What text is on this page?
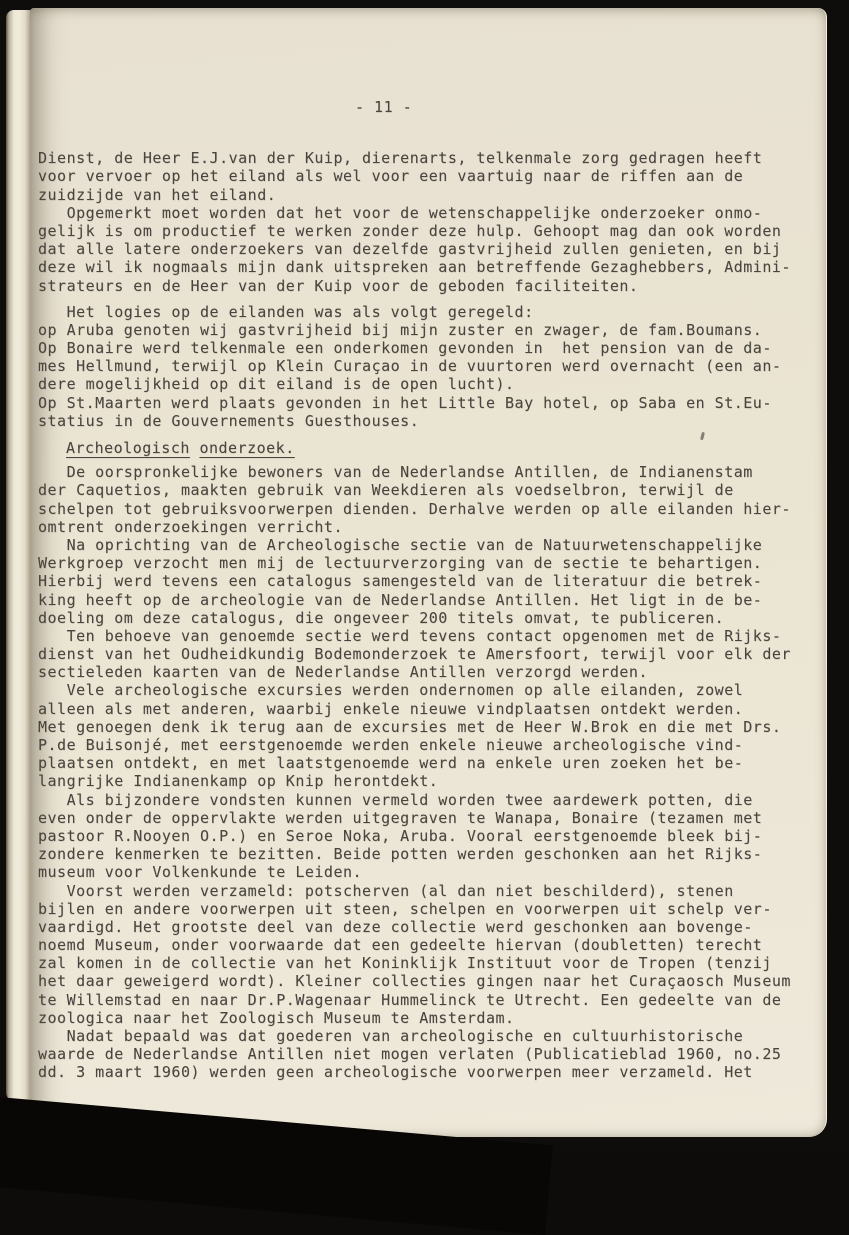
- 11 -
Dienst, de Heer E.J.van der Kuip, dierenarts, telkenmale zorg gedragen heeft
voor vervoer op het eiland als wel voor een vaartuig naar de riffen aan de
zuidzijde van het eiland.
Opgemerkt moet worden dat het voor de wetenschappelijke onderzoeker onmo-
gelijk is om productief te werken zonder deze hulp. Gehoopt mag dan ook worden
dat alle latere onderzoekers van dezelfde gastvrijheid zullen genieten, en bij
deze wil ik nogmaals mijn dank uitspreken aan betreffende Gezaghebbers, Admini-
strateurs en de Heer van der Kuip voor de geboden faciliteiten.
Het logies op de eilanden was als volgt geregeld:
op Aruba genoten wij gastvrijheid bij mijn zuster en zwager, de fam.Boumans.
Op Bonaire werd telkenmale een onderkomen gevonden in  het pension van de da-
mes Hellmund, terwijl op Klein Curaçao in de vuurtoren werd overnacht (een an-
dere mogelijkheid op dit eiland is de open lucht).
Op St.Maarten werd plaats gevonden in het Little Bay hotel, op Saba en St.Eu-
statius in de Gouvernements Guesthouses.
Archeologisch onderzoek.
De oorspronkelijke bewoners van de Nederlandse Antillen, de Indianenstam
der Caquetios, maakten gebruik van Weekdieren als voedselbron, terwijl de
schelpen tot gebruiksvoorwerpen dienden. Derhalve werden op alle eilanden hier-
omtrent onderzoekingen verricht.
Na oprichting van de Archeologische sectie van de Natuurwetenschappelijke
Werkgroep verzocht men mij de lectuurverzorging van de sectie te behartigen.
Hierbij werd tevens een catalogus samengesteld van de literatuur die betrek-
king heeft op de archeologie van de Nederlandse Antillen. Het ligt in de be-
doeling om deze catalogus, die ongeveer 200 titels omvat, te publiceren.
Ten behoeve van genoemde sectie werd tevens contact opgenomen met de Rijks-
dienst van het Oudheidkundig Bodemonderzoek te Amersfoort, terwijl voor elk der
sectieleden kaarten van de Nederlandse Antillen verzorgd werden.
Vele archeologische excursies werden ondernomen op alle eilanden, zowel
alleen als met anderen, waarbij enkele nieuwe vindplaatsen ontdekt werden.
Met genoegen denk ik terug aan de excursies met de Heer W.Brok en die met Drs.
P.de Buisonjé, met eerstgenoemde werden enkele nieuwe archeologische vind-
plaatsen ontdekt, en met laatstgenoemde werd na enkele uren zoeken het be-
langrijke Indianenkamp op Knip herontdekt.
Als bijzondere vondsten kunnen vermeld worden twee aardewerk potten, die
even onder de oppervlakte werden uitgegraven te Wanapa, Bonaire (tezamen met
pastoor R.Nooyen O.P.) en Seroe Noka, Aruba. Vooral eerstgenoemde bleek bij-
zondere kenmerken te bezitten. Beide potten werden geschonken aan het Rijks-
museum voor Volkenkunde te Leiden.
Voorst werden verzameld: potscherven (al dan niet beschilderd), stenen
bijlen en andere voorwerpen uit steen, schelpen en voorwerpen uit schelp ver-
vaardigd. Het grootste deel van deze collectie werd geschonken aan bovenge-
noemd Museum, onder voorwaarde dat een gedeelte hiervan (doubletten) terecht
zal komen in de collectie van het Koninklijk Instituut voor de Tropen (tenzij
het daar geweigerd wordt). Kleiner collecties gingen naar het Curaçaosch Museum
te Willemstad en naar Dr.P.Wagenaar Hummelinck te Utrecht. Een gedeelte van de
zoologica naar het Zoologisch Museum te Amsterdam.
Nadat bepaald was dat goederen van archeologische en cultuurhistorische
waarde de Nederlandse Antillen niet mogen verlaten (Publicatieblad 1960, no.25
dd. 3 maart 1960) werden geen archeologische voorwerpen meer verzameld. Het
